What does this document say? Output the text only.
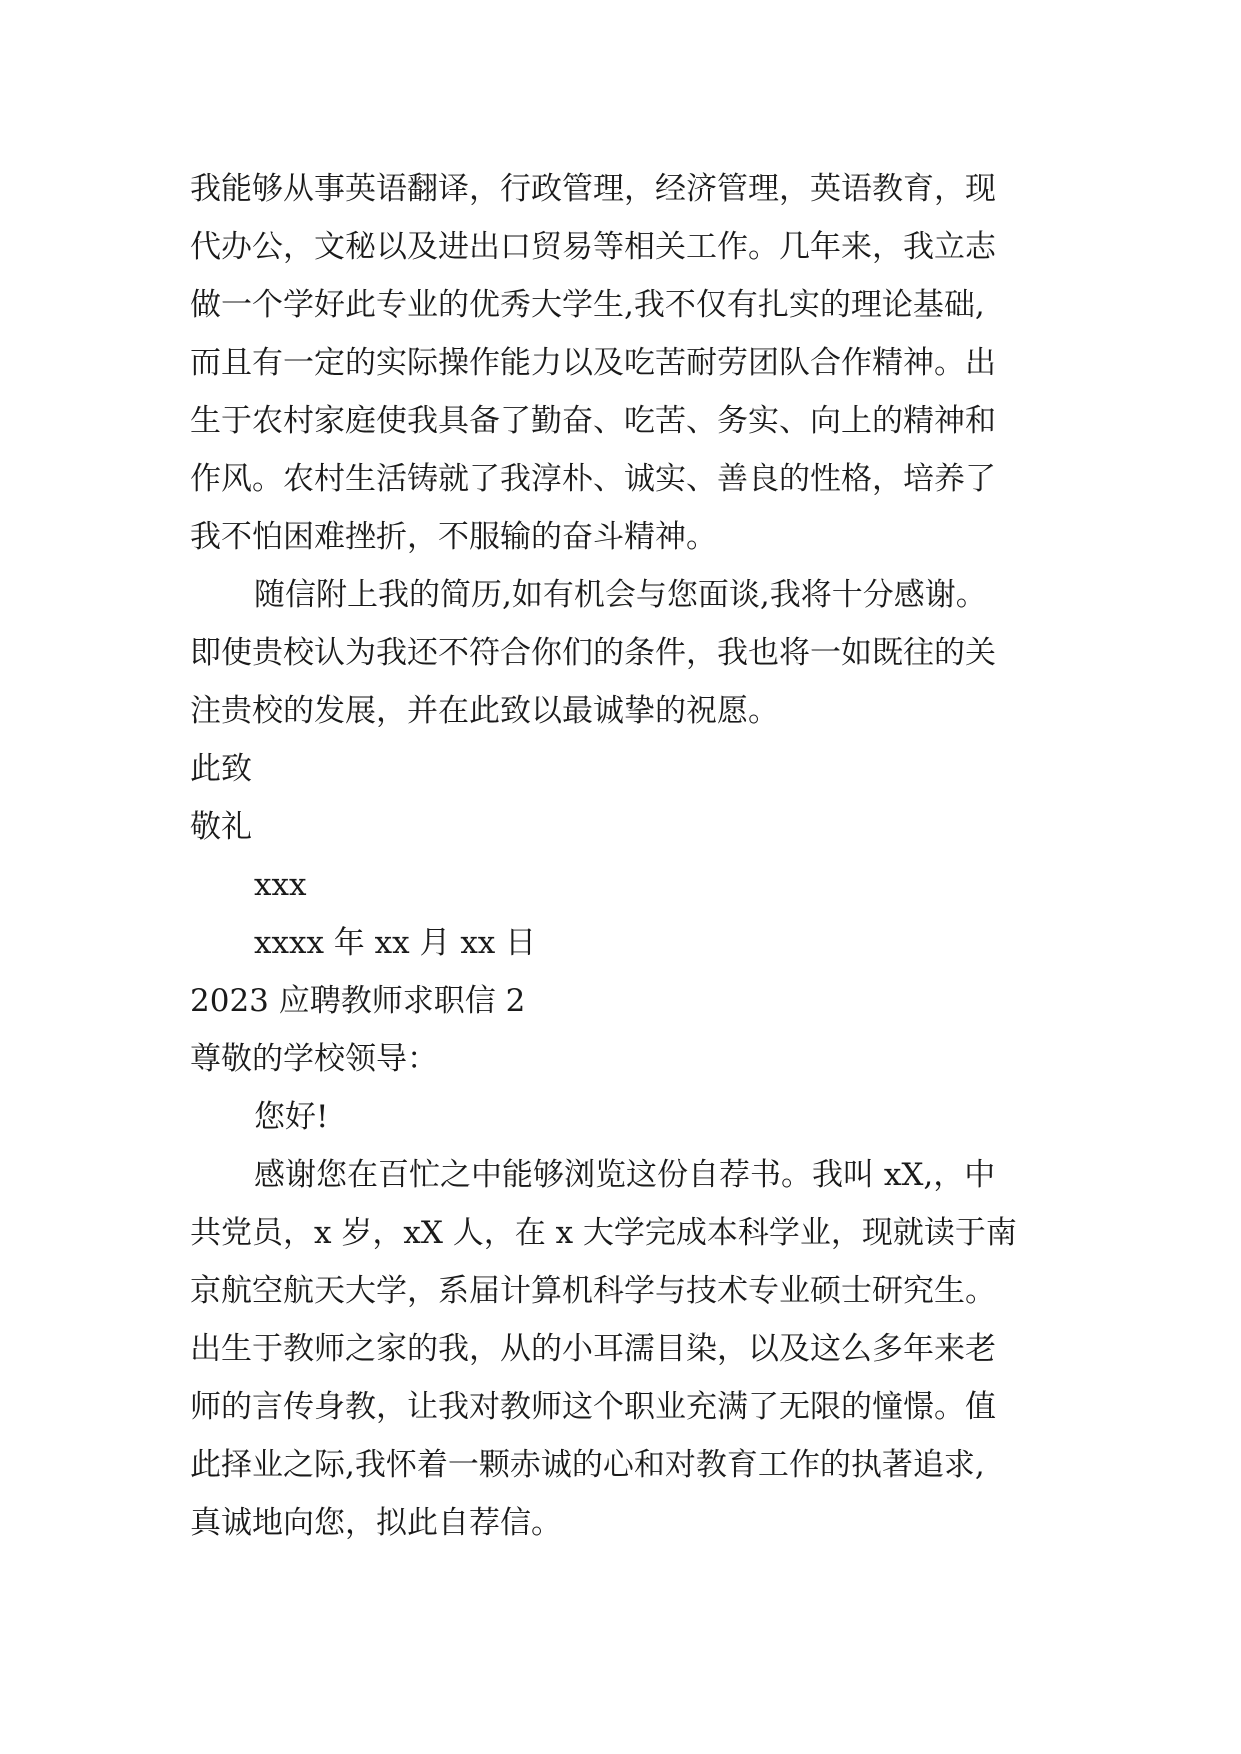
我能够从事英语翻译，行政管理，经济管理，英语教育，现
代办公，文秘以及进出口贸易等相关工作。几年来，我立志
做一个学好此专业的优秀大学生,我不仅有扎实的理论基础,
而且有一定的实际操作能力以及吃苦耐劳团队合作精神。出
生于农村家庭使我具备了勤奋、吃苦、务实、向上的精神和
作风。农村生活铸就了我淳朴、诚实、善良的性格，培养了
我不怕困难挫折，不服输的奋斗精神。
随信附上我的简历,如有机会与您面谈,我将十分感谢。
即使贵校认为我还不符合你们的条件，我也将一如既往的关
注贵校的发展，并在此致以最诚挚的祝愿。
此致
敬礼
xxx
xxxx 年 xx 月 xx 日
2023 应聘教师求职信 2
尊敬的学校领导：
您好!
感谢您在百忙之中能够浏览这份自荐书。我叫 xX,，中
共党员，x 岁，xX 人，在 x 大学完成本科学业，现就读于南
京航空航天大学，系届计算机科学与技术专业硕士研究生。
出生于教师之家的我，从的小耳濡目染，以及这么多年来老
师的言传身教，让我对教师这个职业充满了无限的憧憬。值
此择业之际,我怀着一颗赤诚的心和对教育工作的执著追求,
真诚地向您，拟此自荐信。
